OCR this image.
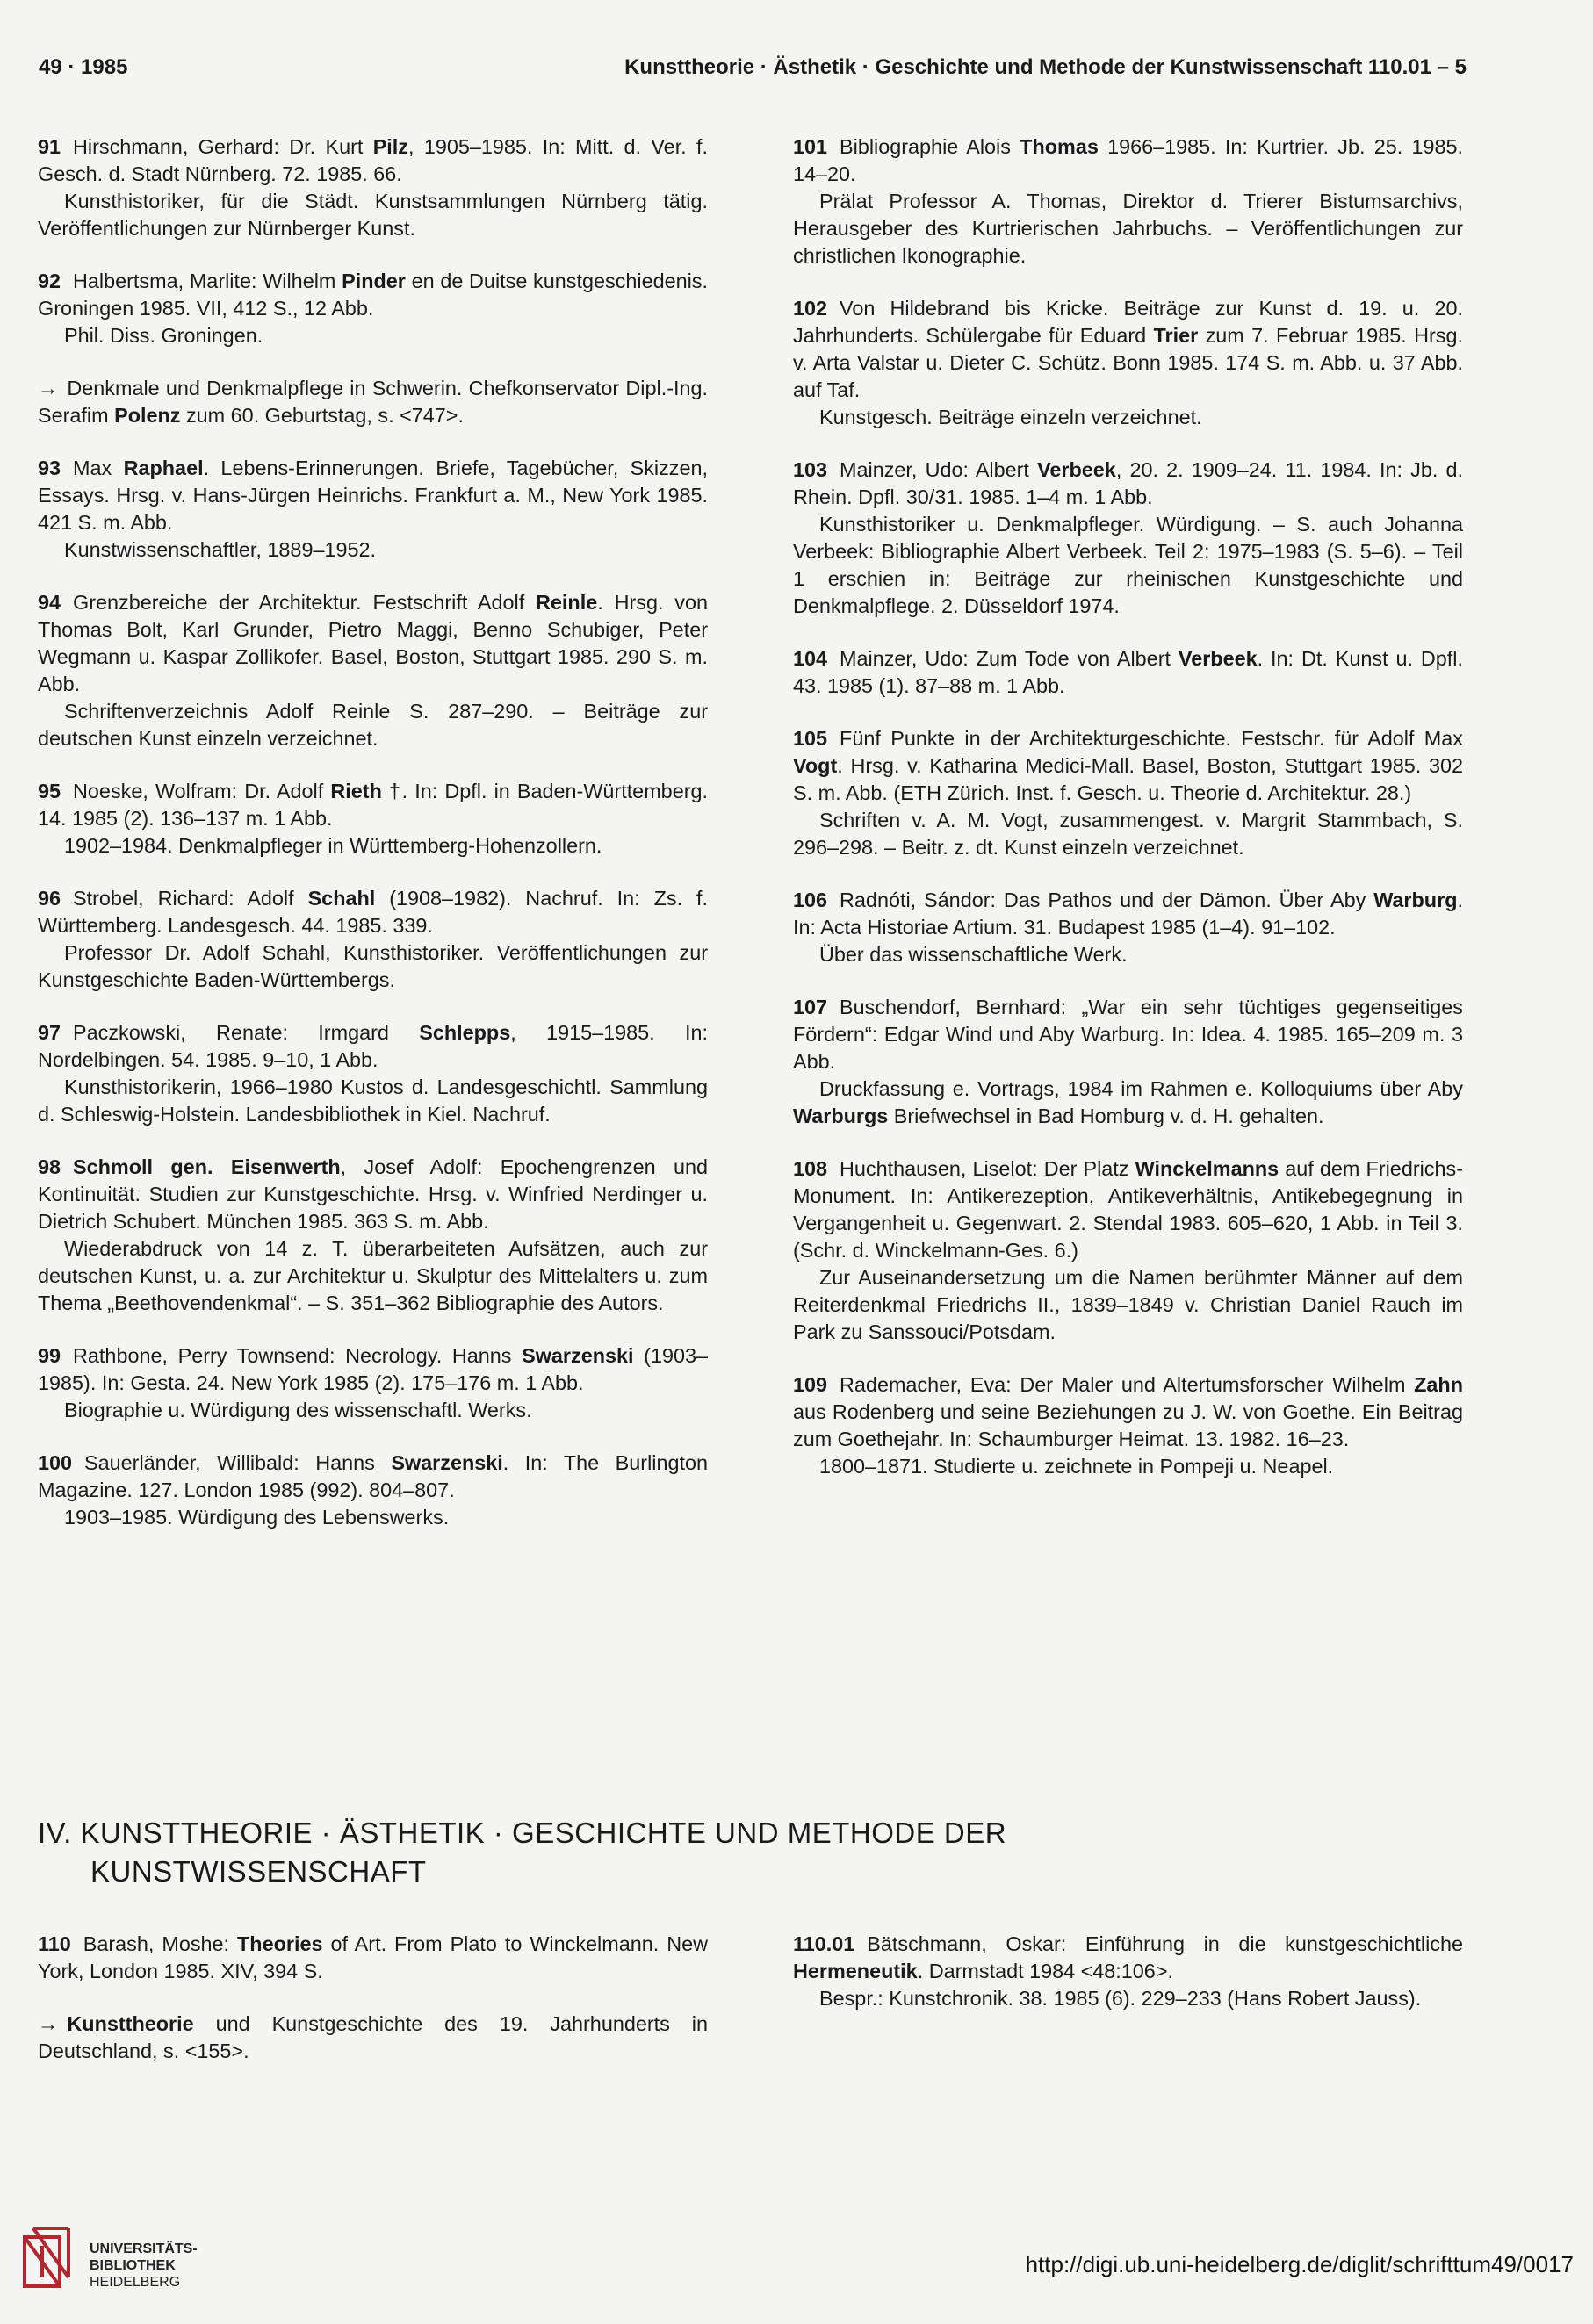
49 · 1985	Kunsttheorie · Ästhetik · Geschichte und Methode der Kunstwissenschaft 110.01 – 5

91 Hirschmann, Gerhard: Dr. Kurt Pilz, 1905–1985. In: Mitt. d. Ver. f. Gesch. d. Stadt Nürnberg. 72. 1985. 66.

Kunsthistoriker, für die Städt. Kunstsammlungen Nürnberg tätig. Veröffentlichungen zur Nürnberger Kunst.

92 Halbertsma, Marlite: Wilhelm Pinder en de Duitse kunstgeschiedenis. Groningen 1985. VII, 412 S., 12 Abb.

Phil. Diss. Groningen.

→ Denkmale und Denkmalpflege in Schwerin. Chefkonservator Dipl.-Ing. Serafim Polenz zum 60. Geburtstag, s. <747>.

93 Max Raphael. Lebens-Erinnerungen. Briefe, Tagebücher, Skizzen, Essays. Hrsg. v. Hans-Jürgen Heinrichs. Frankfurt a. M., New York 1985. 421 S. m. Abb.

Kunstwissenschaftler, 1889–1952.

94 Grenzbereiche der Architektur. Festschrift Adolf Reinle. Hrsg. von Thomas Bolt, Karl Grunder, Pietro Maggi, Benno Schubiger, Peter Wegmann u. Kaspar Zollikofer. Basel, Boston, Stuttgart 1985. 290 S. m. Abb.

Schriftenverzeichnis Adolf Reinle S. 287–290. – Beiträge zur deutschen Kunst einzeln verzeichnet.

95 Noeske, Wolfram: Dr. Adolf Rieth †. In: Dpfl. in Baden-Württemberg. 14. 1985 (2). 136–137 m. 1 Abb.

1902–1984. Denkmalpfleger in Württemberg-Hohenzollern.

96 Strobel, Richard: Adolf Schahl (1908–1982). Nachruf. In: Zs. f. Württemberg. Landesgesch. 44. 1985. 339.

Professor Dr. Adolf Schahl, Kunsthistoriker. Veröffentlichungen zur Kunstgeschichte Baden-Württembergs.

97 Paczkowski, Renate: Irmgard Schlepps, 1915–1985. In: Nordelbingen. 54. 1985. 9–10, 1 Abb.

Kunsthistorikerin, 1966–1980 Kustos d. Landesgeschichtl. Sammlung d. Schleswig-Holstein. Landesbibliothek in Kiel. Nachruf.

98 Schmoll gen. Eisenwerth, Josef Adolf: Epochengrenzen und Kontinuität. Studien zur Kunstgeschichte. Hrsg. v. Winfried Nerdinger u. Dietrich Schubert. München 1985. 363 S. m. Abb.

Wiederabdruck von 14 z. T. überarbeiteten Aufsätzen, auch zur deutschen Kunst, u. a. zur Architektur u. Skulptur des Mittelalters u. zum Thema „Beethovendenkmal“. – S. 351–362 Bibliographie des Autors.

99 Rathbone, Perry Townsend: Necrology. Hanns Swarzenski (1903–1985). In: Gesta. 24. New York 1985 (2). 175–176 m. 1 Abb.

Biographie u. Würdigung des wissenschaftl. Werks.

100 Sauerländer, Willibald: Hanns Swarzenski. In: The Burlington Magazine. 127. London 1985 (992). 804–807.

1903–1985. Würdigung des Lebenswerks.

101 Bibliographie Alois Thomas 1966–1985. In: Kurtrier. Jb. 25. 1985. 14–20.

Prälat Professor A. Thomas, Direktor d. Trierer Bistumsarchivs, Herausgeber des Kurtrierischen Jahrbuchs. – Veröffentlichungen zur christlichen Ikonographie.

102 Von Hildebrand bis Kricke. Beiträge zur Kunst d. 19. u. 20. Jahrhunderts. Schülergabe für Eduard Trier zum 7. Februar 1985. Hrsg. v. Arta Valstar u. Dieter C. Schütz. Bonn 1985. 174 S. m. Abb. u. 37 Abb. auf Taf.

Kunstgesch. Beiträge einzeln verzeichnet.

103 Mainzer, Udo: Albert Verbeek, 20. 2. 1909–24. 11. 1984. In: Jb. d. Rhein. Dpfl. 30/31. 1985. 1–4 m. 1 Abb.

Kunsthistoriker u. Denkmalpfleger. Würdigung. – S. auch Johanna Verbeek: Bibliographie Albert Verbeek. Teil 2: 1975–1983 (S. 5–6). – Teil 1 erschien in: Beiträge zur rheinischen Kunstgeschichte und Denkmalpflege. 2. Düsseldorf 1974.

104 Mainzer, Udo: Zum Tode von Albert Verbeek. In: Dt. Kunst u. Dpfl. 43. 1985 (1). 87–88 m. 1 Abb.

105 Fünf Punkte in der Architekturgeschichte. Festschr. für Adolf Max Vogt. Hrsg. v. Katharina Medici-Mall. Basel, Boston, Stuttgart 1985. 302 S. m. Abb. (ETH Zürich. Inst. f. Gesch. u. Theorie d. Architektur. 28.)

Schriften v. A. M. Vogt, zusammengest. v. Margrit Stammbach, S. 296–298. – Beitr. z. dt. Kunst einzeln verzeichnet.

106 Radnóti, Sándor: Das Pathos und der Dämon. Über Aby Warburg. In: Acta Historiae Artium. 31. Budapest 1985 (1–4). 91–102.

Über das wissenschaftliche Werk.

107 Buschendorf, Bernhard: „War ein sehr tüchtiges gegenseitiges Fördern“: Edgar Wind und Aby Warburg. In: Idea. 4. 1985. 165–209 m. 3 Abb.

Druckfassung e. Vortrags, 1984 im Rahmen e. Kolloquiums über Aby Warburgs Briefwechsel in Bad Homburg v. d. H. gehalten.

108 Huchthausen, Liselot: Der Platz Winckelmanns auf dem Friedrichs-Monument. In: Antikerezeption, Antikeverhältnis, Antikebegegnung in Vergangenheit u. Gegenwart. 2. Stendal 1983. 605–620, 1 Abb. in Teil 3. (Schr. d. Winckelmann-Ges. 6.)

Zur Auseinandersetzung um die Namen berühmter Männer auf dem Reiterdenkmal Friedrichs II., 1839–1849 v. Christian Daniel Rauch im Park zu Sanssouci/Potsdam.

109 Rademacher, Eva: Der Maler und Altertumsforscher Wilhelm Zahn aus Rodenberg und seine Beziehungen zu J. W. von Goethe. Ein Beitrag zum Goethejahr. In: Schaumburger Heimat. 13. 1982. 16–23.

1800–1871. Studierte u. zeichnete in Pompeji u. Neapel.

IV. KUNSTTHEORIE · ÄSTHETIK · GESCHICHTE UND METHODE DER
KUNSTWISSENSCHAFT

110 Barash, Moshe: Theories of Art. From Plato to Winckelmann. New York, London 1985. XIV, 394 S.

→ Kunsttheorie und Kunstgeschichte des 19. Jahrhunderts in Deutschland, s. <155>.

110.01 Bätschmann, Oskar: Einführung in die kunstgeschichtliche Hermeneutik. Darmstadt 1984 <48:106>.

Bespr.: Kunstchronik. 38. 1985 (6). 229–233 (Hans Robert Jauss).

UNIVERSITÄTS-
BIBLIOTHEK
HEIDELBERG
http://digi.ub.uni-heidelberg.de/diglit/schrifttum49/0017
